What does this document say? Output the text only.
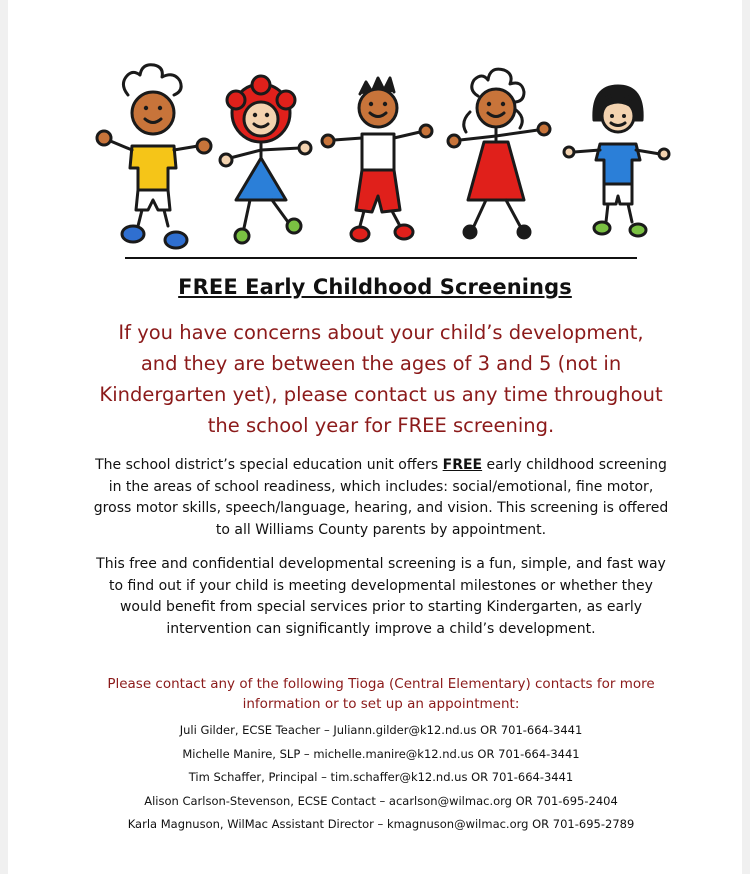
FREE Early Childhood Screenings
If you have concerns about your child’s development,
and they are between the ages of 3 and 5 (not in
Kindergarten yet), please contact us any time throughout
the school year for FREE screening.
The school district’s special education unit offers FREE early childhood screening in the areas of school readiness, which includes: social/emotional, fine motor, gross motor skills, speech/language, hearing, and vision. This screening is offered to all Williams County parents by appointment.
This free and confidential developmental screening is a fun, simple, and fast way to find out if your child is meeting developmental milestones or whether they would benefit from special services prior to starting Kindergarten, as early intervention can significantly improve a child’s development.
Please contact any of the following Tioga (Central Elementary) contacts for more
information or to set up an appointment:
Juli Gilder, ECSE Teacher – Juliann.gilder@k12.nd.us OR 701-664-3441
Michelle Manire, SLP – michelle.manire@k12.nd.us OR 701-664-3441
Tim Schaffer, Principal – tim.schaffer@k12.nd.us OR 701-664-3441
Alison Carlson-Stevenson, ECSE Contact – acarlson@wilmac.org OR 701-695-2404
Karla Magnuson, WilMac Assistant Director – kmagnuson@wilmac.org OR 701-695-2789
